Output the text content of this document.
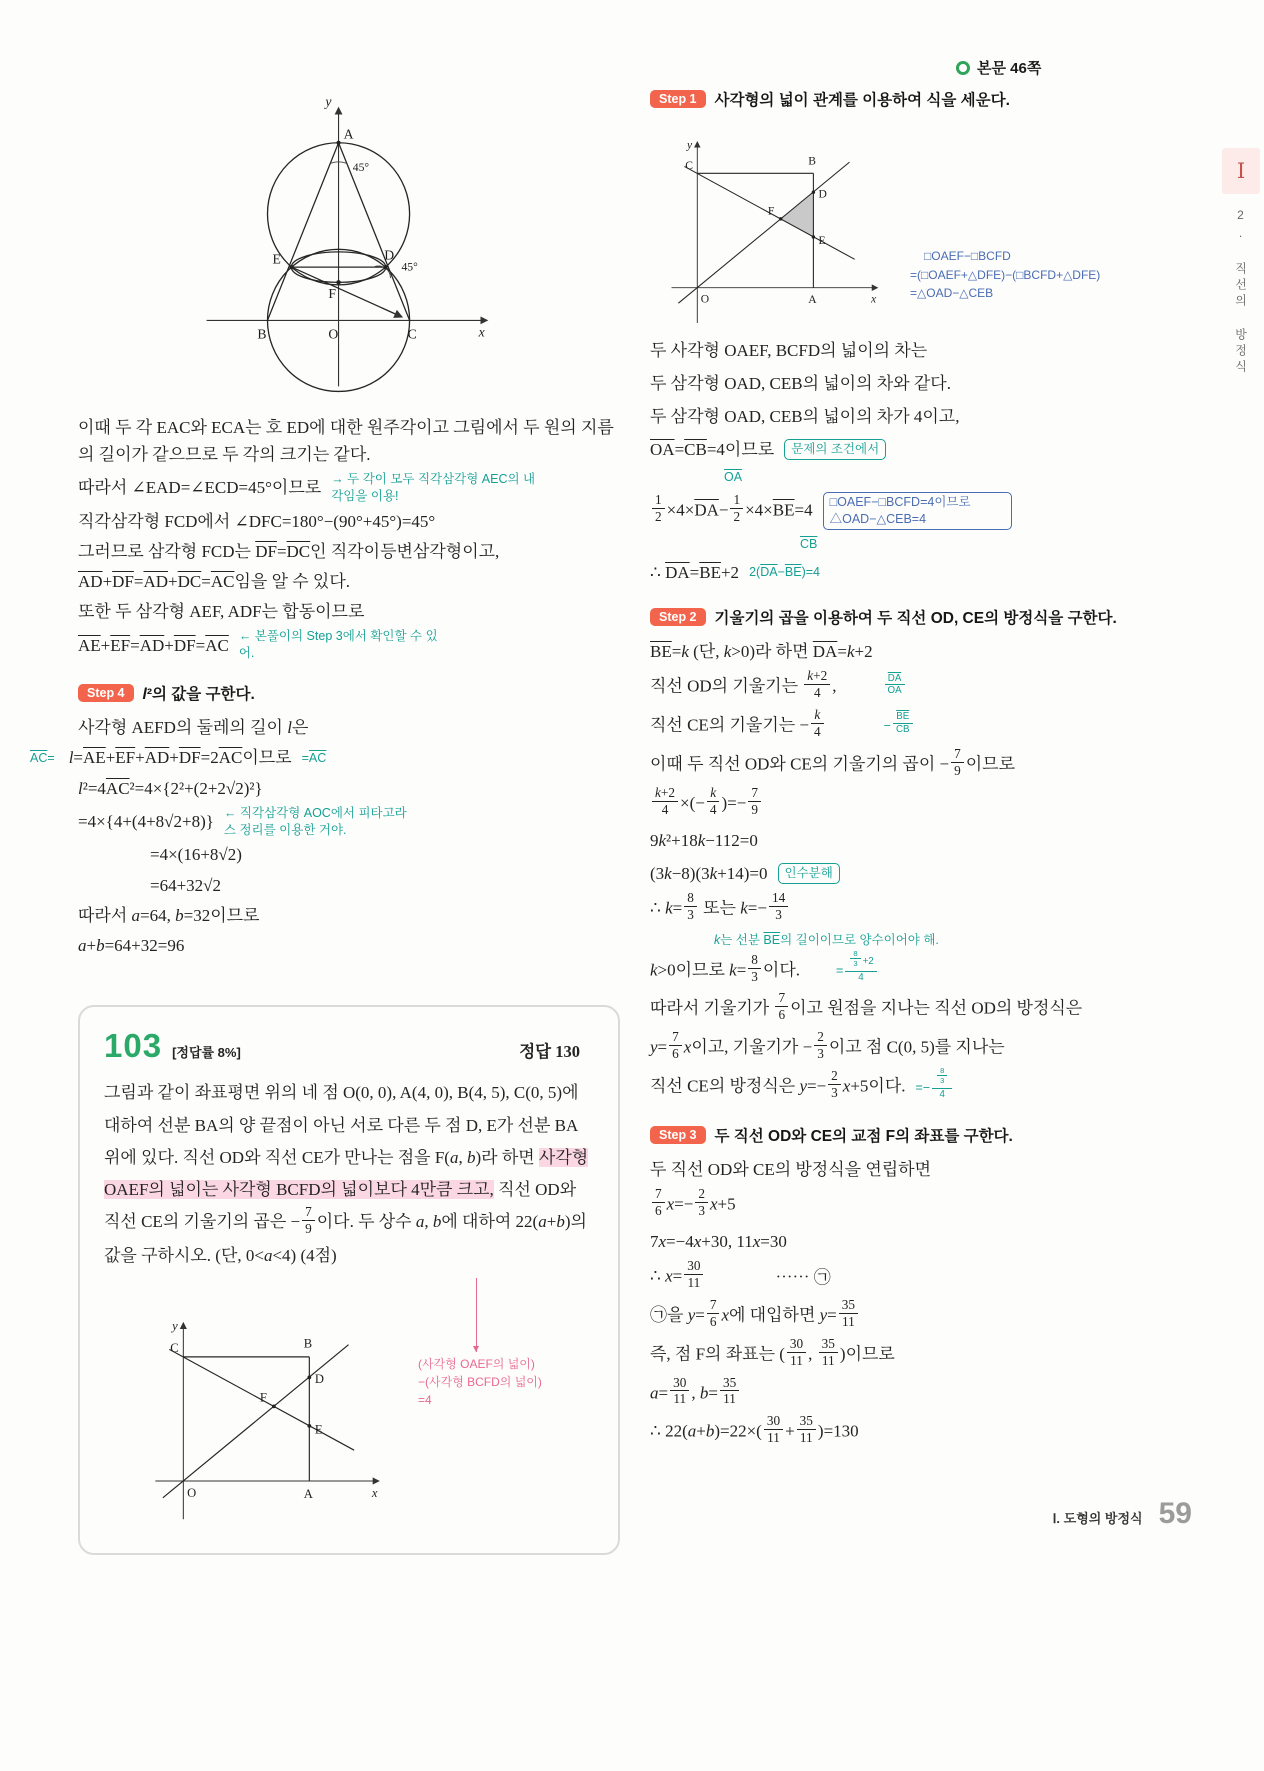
본문 46쪽
Ⅰ
2. 직선의 방정식
A
45°
E	D
45°
F
B	O	C	x
y

이때 두 각 EAC와 ECA는 호 ED에 대한 원주각이고 그림에서 두 원의 지름의 길이가 같으므로 두 각의 크기는 같다.

따라서 ∠EAD=∠ECD=45°이므로 → 두 각이 모두 직각삼각형 AEC의 내각임을 이용!

직각삼각형 FCD에서 ∠DFC=180°−(90°+45°)=45°

그러므로 삼각형 FCD는 $\overline{DF}=\overline{DC}$인 직각이등변삼각형이고,

$\overline{AD}+\overline{DF}=\overline{AD}+\overline{DC}=\overline{AC}$임을 알 수 있다.

또한 두 삼각형 AEF, ADF는 합동이므로

$\overline{AE}+\overline{EF}=\overline{AD}+\overline{DF}=\overline{AC}$ ← 본풀이의 Step 3에서 확인할 수 있어.
Step 4	l²의 값을 구한다.

사각형 AEFD의 둘레의 길이 l은

$\overline{AC}= l=\overline{AE}+\overline{EF}+\overline{AD}+\overline{DF}=2\overline{AC}$이므로 $=\overline{AC}$

$l^2=4\overline{AC}^2=4\times\{2^2+(2+2√2)^2\}$

=4×{4+(4+8√2+8)} ← 직각삼각형 AOC에서 피타고라스 정리를 이용한 거야.

=4×(16+8√2)

=64+32√2

따라서 a=64, b=32이므로

a+b=64+32=96

103 [정답률 8%]	정답 130

그림과 같이 좌표평면 위의 네 점 O(0, 0), A(4, 0), B(4, 5), C(0, 5)에 대하여 선분 BA의 양 끝점이 아닌 서로 다른 두 점 D, E가 선분 BA 위에 있다. 직선 OD와 직선 CE가 만나는 점을 F(a, b)라 하면 사각형 OAEF의 넓이는 사각형 BCFD의 넓이보다 4만큼 크고, 직선 OD와 직선 CE의 기울기의 곱은 − $\frac{7}{9}$ 이다. 두 상수 a, b에 대하여 22(a+b)의 값을 구하시오. (단, 0<a<4) (4점)

C	B
D
F
E
O	A	x
y
(사각형 OAEF의 넓이)
−(사각형 BCFD의 넓이)
=4
Step 1	사각형의 넓이 관계를 이용하여 식을 세운다.
C	B
D
F
E
O	A	x
y
□OAEF−□BCFD
=(□OAEF+△DFE)−(□BCFD+△DFE)
=△OAD−△CEB

두 사각형 OAEF, BCFD의 넓이의 차는

두 삼각형 OAD, CEB의 넓이의 차와 같다.

두 삼각형 OAD, CEB의 넓이의 차가 4이고,

$\overline{OA}=\overline{CB}=4$이므로	문제의 조건에서
$\overline{OA}$
$\frac{1}{2} \times 4\times\overline{DA}- \frac{1}{2} \times 4\times\overline{BE}=4$	□OAEF−□BCFD=4이므로 △OAD−△CEB=4
$\overline{CB}$
∴ $\overline{DA}=\overline{BE}+2$ $2(\overline{DA}-\overline{BE})=4$
Step 2	기울기의 곱을 이용하여 두 직선 OD, CE의 방정식을 구한다.

$\overline{BE}=k$ (단, k>0)라 하면 $\overline{DA}=k+2$

직선 OD의 기울기는 $\frac{k+2}{4}$ ,	$\frac{\overline{DA}}{OA}$
직선 CE의 기울기는 − $\frac{k}{4}$	− $\frac{\overline{BE}}{CB}$

이때 두 직선 OD와 CE의 기울기의 곱이 − $\frac{7}{9}$ 이므로

$\frac{k+2}{4}$ ×(− $\frac{k}{4}$ )=− $\frac{7}{9}$

9k²+18k−112=0

(3k−8)(3k+14)=0	인수분해

∴ $k= \frac{8}{3}$ 또는 $k=- \frac{14}{3}$

k는 선분 $\overline{BE}$의 길이이므로 양수이어야 해.
k>0이므로 $k= \frac{8}{3}$ 이다.	= $\frac{\frac{8}{3} +2}{4}$

따라서 기울기가 $\frac{7}{6}$ 이고 원점을 지나는 직선 OD의 방정식은

$y= \frac{7}{6}$ x이고, 기울기가 − $\frac{2}{3}$ 이고 점 C(0, 5)를 지나는

직선 CE의 방정식은 $y=- \frac{2}{3} x+5$이다. =− $\frac{\frac{8}{3}}{4}$
Step 3	두 직선 OD와 CE의 교점 F의 좌표를 구한다.

두 직선 OD와 CE의 방정식을 연립하면

$\frac{7}{6} x=- \frac{2}{3} x+5$

7x=−4x+30, 11x=30

∴ $x= \frac{30}{11}$	⋯⋯ ㉠

㉠을 $y= \frac{7}{6}$ x에 대입하면 $y= \frac{35}{11}$

즉, 점 F의 좌표는 ( $\frac{30}{11}$ , $\frac{35}{11}$ )이므로

$a= \frac{30}{11}$ , $b= \frac{35}{11}$

∴ $22(a+b)=22\times( \frac{30}{11} + \frac{35}{11} )=130$

Ⅰ. 도형의 방정식 59
